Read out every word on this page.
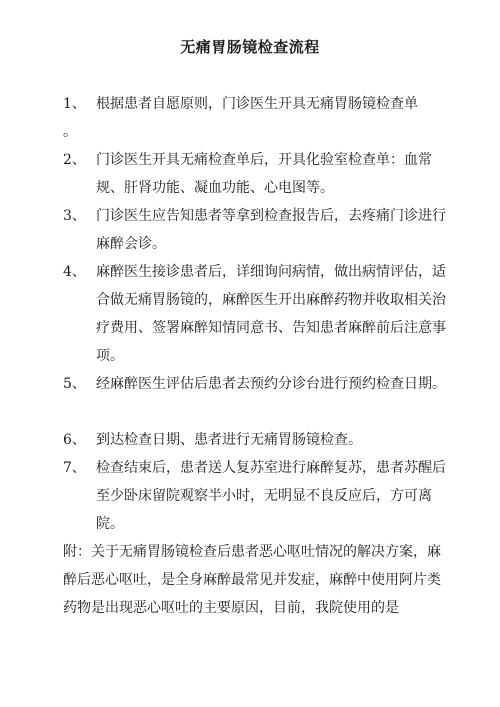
无痛胃肠镜检查流程
1、 根据患者自愿原则，门诊医生开具无痛胃肠镜检查单
。
2、 门诊医生开具无痛检查单后，开具化验室检查单：血常规、肝肾功能、凝血功能、心电图等。
3、 门诊医生应告知患者等拿到检查报告后，去疼痛门诊进行麻醉会诊。
4、 麻醉医生接诊患者后，详细询问病情，做出病情评估，适合做无痛胃肠镜的，麻醉医生开出麻醉药物并收取相关治疗费用、签署麻醉知情同意书、告知患者麻醉前后注意事项。
5、 经麻醉医生评估后患者去预约分诊台进行预约检查日期。
6、 到达检查日期、患者进行无痛胃肠镜检查。
7、 检查结束后，患者送人复苏室进行麻醉复苏，患者苏醒后至少卧床留院观察半小时，无明显不良反应后，方可离院。
附：关于无痛胃肠镜检查后患者恶心呕吐情况的解决方案，麻醉后恶心呕吐，是全身麻醉最常见并发症，麻醉中使用阿片类药物是出现恶心呕吐的主要原因，目前，我院使用的是
